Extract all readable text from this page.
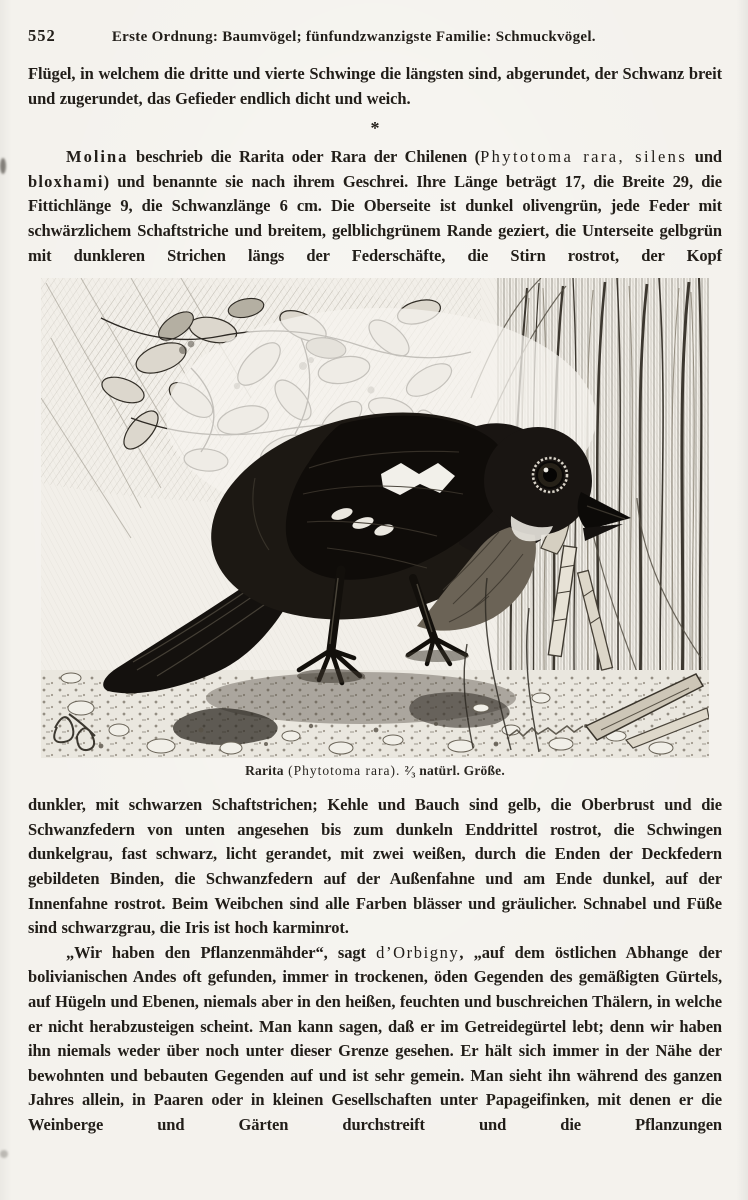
552	Erste Ordnung: Baumvögel; fünfundzwanzigste Familie: Schmuckvögel.

Flügel, in welchem die dritte und vierte Schwinge die längsten sind, abgerundet, der Schwanz breit und zugerundet, das Gefieder endlich dicht und weich.

*

Molina beschrieb die Rarita oder Rara der Chilenen (Phytotoma rara, silens und bloxhami) und benannte sie nach ihrem Geschrei. Ihre Länge beträgt 17, die Breite 29, die Fittichlänge 9, die Schwanzlänge 6 cm. Die Oberseite ist dunkel olivengrün, jede Feder mit schwärzlichem Schaftstriche und breitem, gelblichgrünem Rande geziert, die Unterseite gelbgrün mit dunkleren Strichen längs der Federschäfte, die Stirn rostrot, der Kopf

Rarita (Phytotoma rara). ²⁄₃ natürl. Größe.

dunkler, mit schwarzen Schaftstrichen; Kehle und Bauch sind gelb, die Oberbrust und die Schwanzfedern von unten angesehen bis zum dunkeln Enddrittel rostrot, die Schwingen dunkelgrau, fast schwarz, licht gerandet, mit zwei weißen, durch die Enden der Deckfedern gebildeten Binden, die Schwanzfedern auf der Außenfahne und am Ende dunkel, auf der Innenfahne rostrot. Beim Weibchen sind alle Farben blässer und gräulicher. Schnabel und Füße sind schwarzgrau, die Iris ist hoch karminrot.

„Wir haben den Pflanzenmähder“, sagt d’Orbigny, „auf dem östlichen Abhange der bolivianischen Andes oft gefunden, immer in trockenen, öden Gegenden des gemäßigten Gürtels, auf Hügeln und Ebenen, niemals aber in den heißen, feuchten und buschreichen Thälern, in welche er nicht herabzusteigen scheint. Man kann sagen, daß er im Getreidegürtel lebt; denn wir haben ihn niemals weder über noch unter dieser Grenze gesehen. Er hält sich immer in der Nähe der bewohnten und bebauten Gegenden auf und ist sehr gemein. Man sieht ihn während des ganzen Jahres allein, in Paaren oder in kleinen Gesellschaften unter Papageifinken, mit denen er die Weinberge und Gärten durchstreift und die Pflanzungen
